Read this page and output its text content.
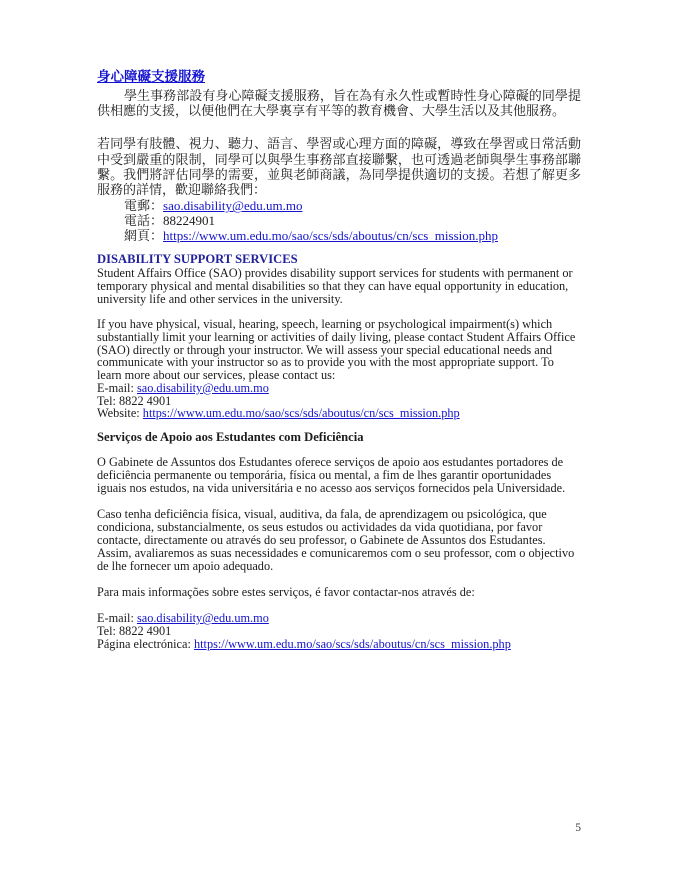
身心障礙支援服務

學生事務部設有身心障礙支援服務，旨在為有永久性或暫時性身心障礙的同學提供相應的支援，以便他們在大學裏享有平等的教育機會、大學生活以及其他服務。

若同學有肢體、視力、聽力、語言、學習或心理方面的障礙，導致在學習或日常活動中受到嚴重的限制，同學可以與學生事務部直接聯繫，也可透過老師與學生事務部聯繫。我們將評估同學的需要，並與老師商議，為同學提供適切的支援。若想了解更多服務的詳情，歡迎聯絡我們：

電郵：sao.disability@edu.um.mo
電話：88224901
網頁：https://www.um.edu.mo/sao/scs/sds/aboutus/cn/scs_mission.php
DISABILITY SUPPORT SERVICES

Student Affairs Office (SAO) provides disability support services for students with permanent or temporary physical and mental disabilities so that they can have equal opportunity in education, university life and other services in the university.

If you have physical, visual, hearing, speech, learning or psychological impairment(s) which substantially limit your learning or activities of daily living, please contact Student Affairs Office (SAO) directly or through your instructor. We will assess your special educational needs and communicate with your instructor so as to provide you with the most appropriate support. To learn more about our services, please contact us:

E-mail: sao.disability@edu.um.mo
Tel: 8822 4901
Website: https://www.um.edu.mo/sao/scs/sds/aboutus/cn/scs_mission.php
Serviços de Apoio aos Estudantes com Deficiência

O Gabinete de Assuntos dos Estudantes oferece serviços de apoio aos estudantes portadores de deficiência permanente ou temporária, física ou mental, a fim de lhes garantir oportunidades iguais nos estudos, na vida universitária e no acesso aos serviços fornecidos pela Universidade.

Caso tenha deficiência física, visual, auditiva, da fala, de aprendizagem ou psicológica, que condiciona, substancialmente, os seus estudos ou actividades da vida quotidiana, por favor contacte, directamente ou através do seu professor, o Gabinete de Assuntos dos Estudantes. Assim, avaliaremos as suas necessidades e comunicaremos com o seu professor, com o objectivo de lhe fornecer um apoio adequado.

Para mais informações sobre estes serviços, é favor contactar-nos através de:

E-mail: sao.disability@edu.um.mo
Tel: 8822 4901
Página electrónica: https://www.um.edu.mo/sao/scs/sds/aboutus/cn/scs_mission.php
5
